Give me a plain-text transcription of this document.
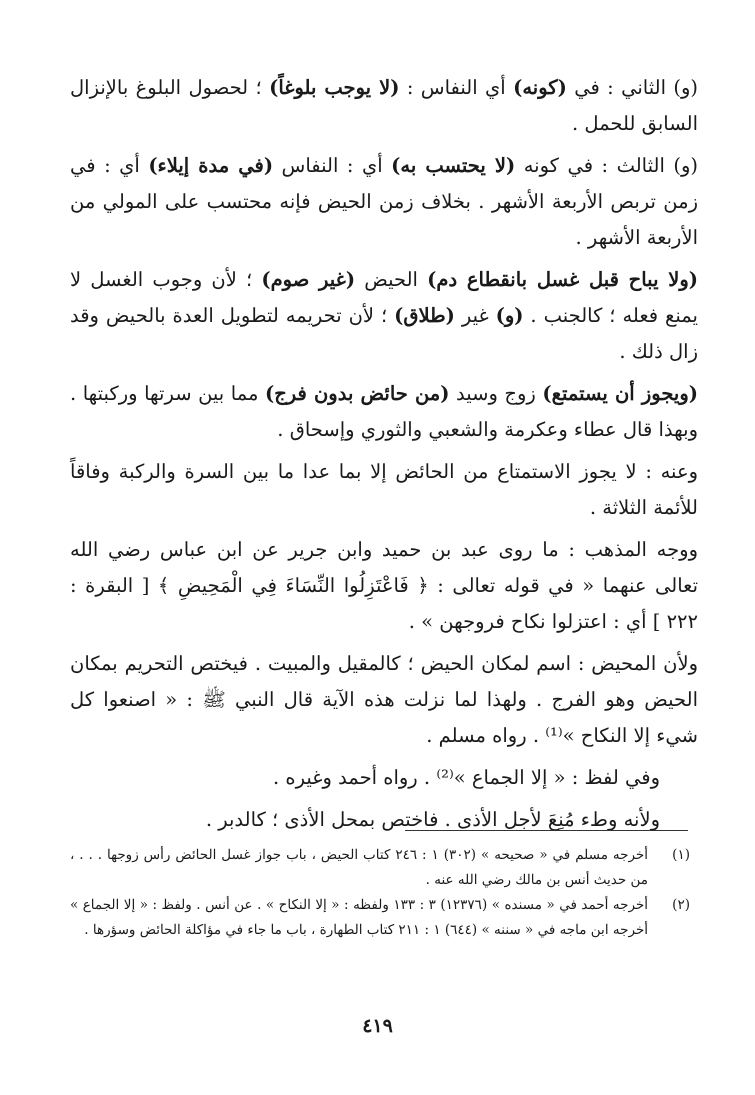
(و) الثاني : في (كونه) أي النفاس : (لا يوجب بلوغاً) ؛ لحصول البلوغ بالإنزال السابق للحمل .

(و) الثالث : في كونه (لا يحتسب به) أي : النفاس (في مدة إيلاء) أي : في زمن تربص الأربعة الأشهر . بخلاف زمن الحيض فإنه محتسب على المولي من الأربعة الأشهر .

(ولا يباح قبل غسل بانقطاع دم) الحيض (غير صوم) ؛ لأن وجوب الغسل لا يمنع فعله ؛ كالجنب . (و) غير (طلاق) ؛ لأن تحريمه لتطويل العدة بالحيض وقد زال ذلك .

(ويجوز أن يستمتع) زوج وسيد (من حائض بدون فرج) مما بين سرتها وركبتها . وبهذا قال عطاء وعكرمة والشعبي والثوري وإسحاق .

وعنه : لا يجوز الاستمتاع من الحائض إلا بما عدا ما بين السرة والركبة وفاقاً للأئمة الثلاثة .

ووجه المذهب : ما روى عبد بن حميد وابن جرير عن ابن عباس رضي الله تعالى عنهما « في قوله تعالى : ﴿ فَاعْتَزِلُوا النِّسَاءَ فِي الْمَحِيضِ ﴾ [ البقرة : ٢٢٢ ] أي : اعتزلوا نكاح فروجهن » .

ولأن المحيض : اسم لمكان الحيض ؛ كالمقيل والمبيت . فيختص التحريم بمكان الحيض وهو الفرج . ولهذا لما نزلت هذه الآية قال النبي ﷺ : « اصنعوا كل شيء إلا النكاح »⁽¹⁾ . رواه مسلم .

وفي لفظ : « إلا الجماع »⁽²⁾ . رواه أحمد وغيره .

ولأنه وطء مُنِعَ لأجل الأذى . فاختص بمحل الأذى ؛ كالدبر .

(١)
أخرجه مسلم في « صحيحه » (٣٠٢) ١ : ٢٤٦ كتاب الحيض ، باب جواز غسل الحائض رأس زوجها . . . ، من حديث أنس بن مالك رضي الله عنه .

(٢)
أخرجه أحمد في « مسنده » (١٢٣٧٦) ٣ : ١٣٣ ولفظه : « إلا النكاح » . عن أنس . ولفظ : « إلا الجماع » أخرجه ابن ماجه في « سننه » (٦٤٤) ١ : ٢١١ كتاب الطهارة ، باب ما جاء في مؤاكلة الحائض وسؤرها .

٤١٩
